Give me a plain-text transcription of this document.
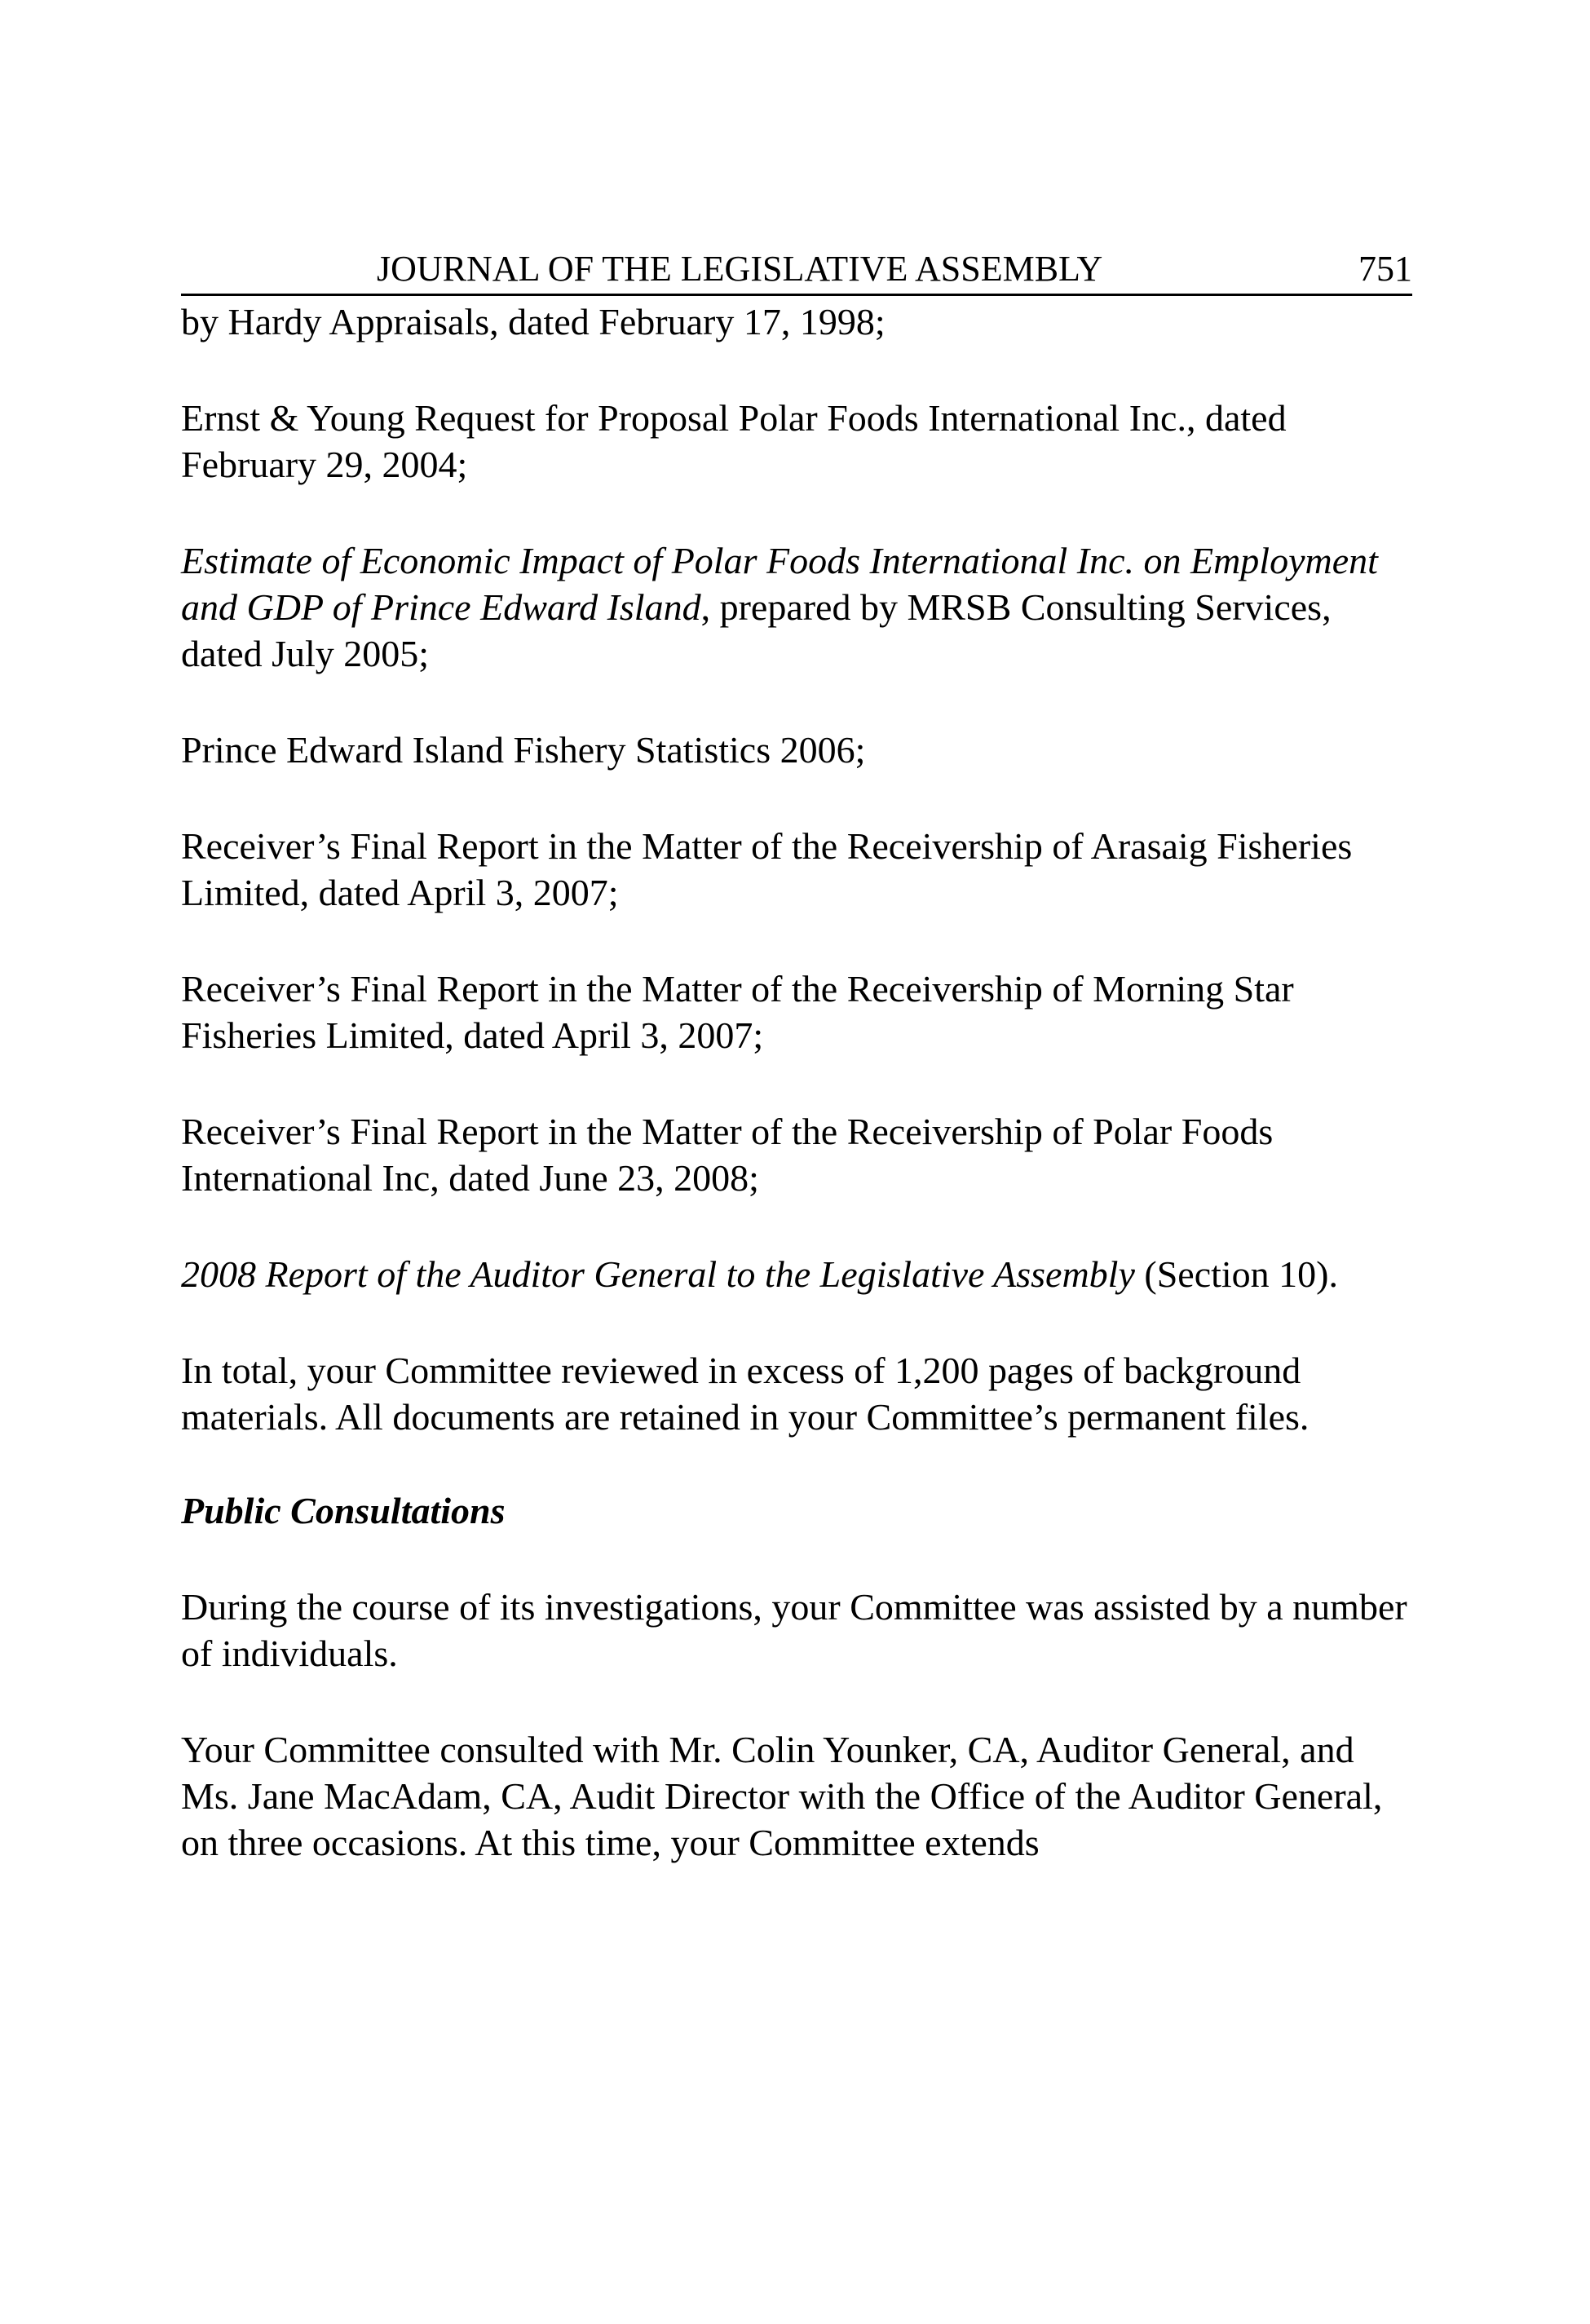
JOURNAL OF THE LEGISLATIVE ASSEMBLY	751

by Hardy Appraisals, dated February 17, 1998;

Ernst & Young Request for Proposal Polar Foods International Inc., dated February 29, 2004;

Estimate of Economic Impact of Polar Foods International Inc. on Employment and GDP of Prince Edward Island, prepared by MRSB Consulting Services, dated July 2005;

Prince Edward Island Fishery Statistics 2006;

Receiver’s Final Report in the Matter of the Receivership of Arasaig Fisheries Limited, dated April 3, 2007;

Receiver’s Final Report in the Matter of the Receivership of Morning Star Fisheries Limited, dated April 3, 2007;

Receiver’s Final Report in the Matter of the Receivership of Polar Foods International Inc, dated June 23, 2008;

2008 Report of the Auditor General to the Legislative Assembly (Section 10).

In total, your Committee reviewed in excess of 1,200 pages of background materials. All documents are retained in your Committee’s permanent files.

Public Consultations

During the course of its investigations, your Committee was assisted by a number of individuals.

Your Committee consulted with Mr. Colin Younker, CA, Auditor General, and Ms. Jane MacAdam, CA, Audit Director with the Office of the Auditor General, on three occasions. At this time, your Committee extends
